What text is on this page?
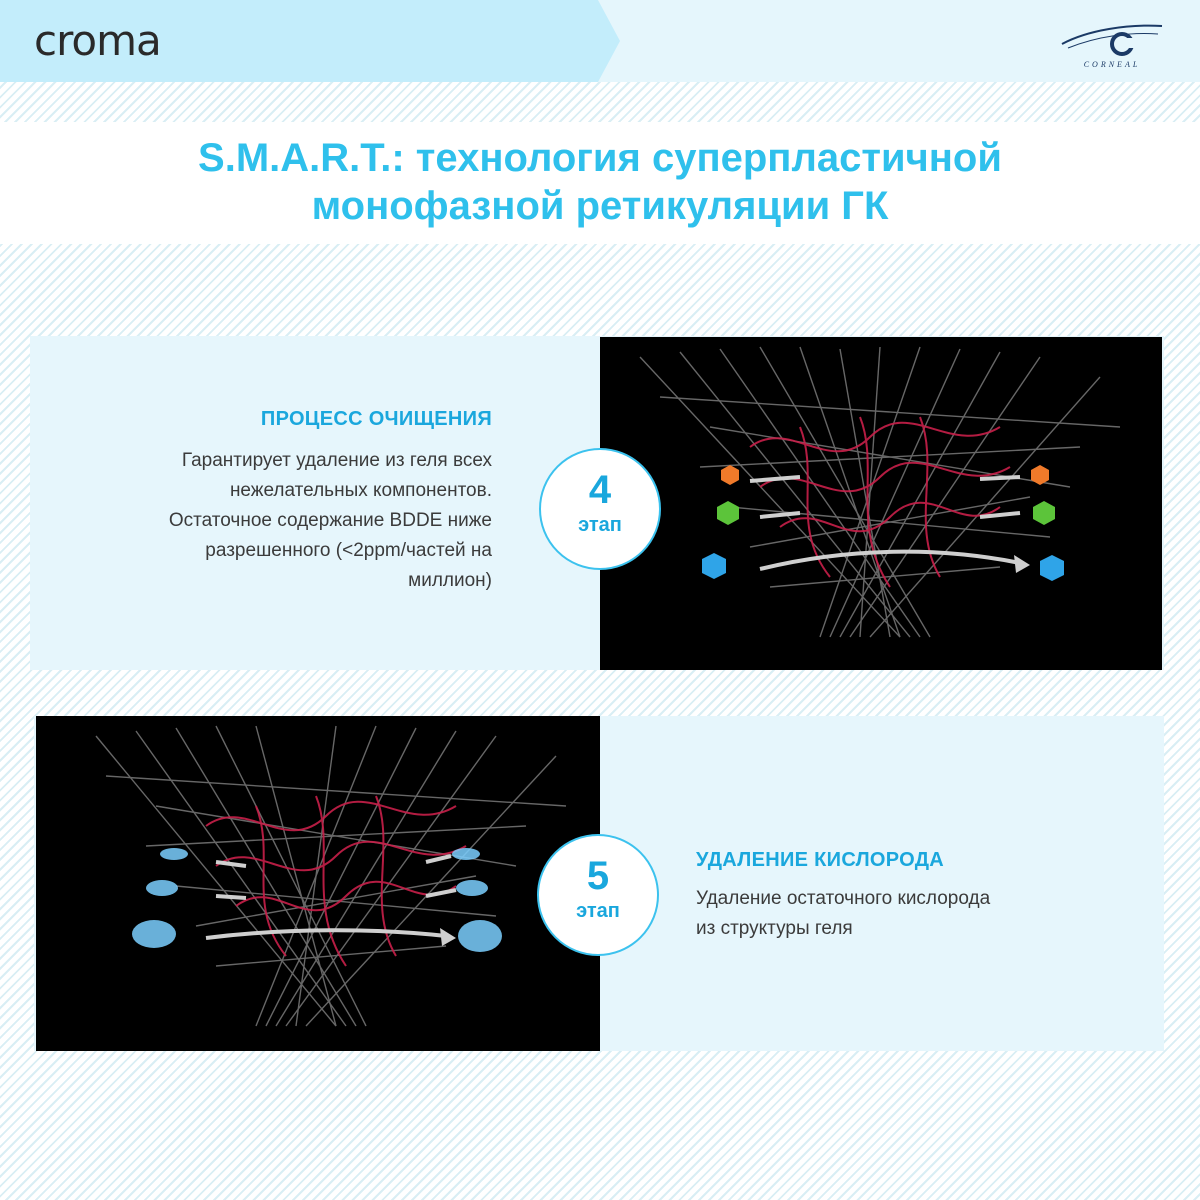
croma	CORNEAL
S.M.A.R.T.: технология суперпластичной
монофазной ретикуляции ГК
ПРОЦЕСС ОЧИЩЕНИЯ
Гарантирует удаление из геля всех
нежелательных компонентов.
Остаточное содержание BDDE ниже
разрешенного (<2ppm/частей на
миллион)
4
этап
УДАЛЕНИЕ КИСЛОРОДА
Удаление остаточного кислорода
из структуры геля
5
этап
